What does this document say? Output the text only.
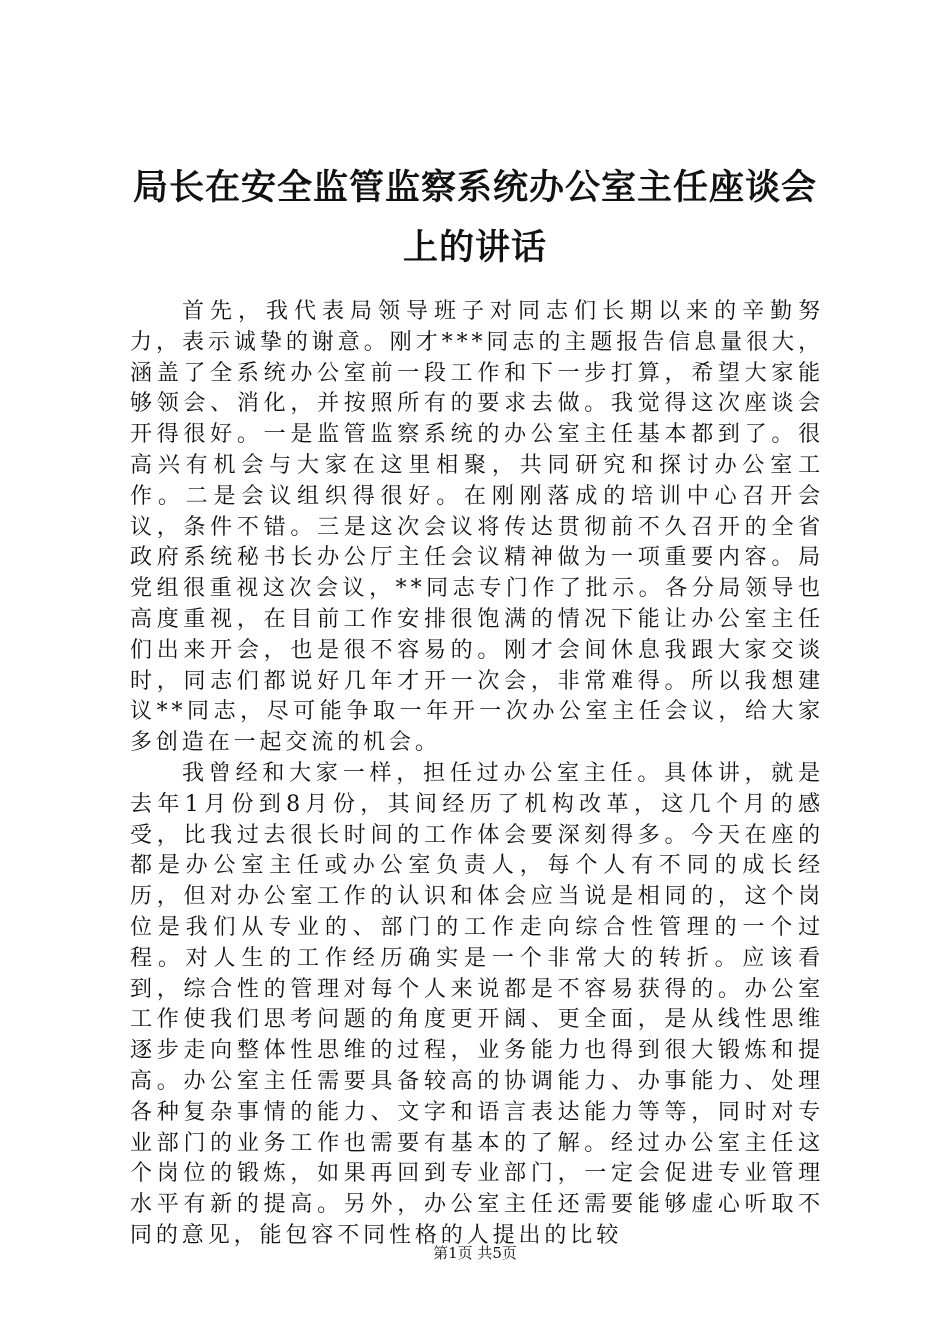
局长在安全监管监察系统办公室主任座谈会上的讲话

首先，我代表局领导班子对同志们长期以来的辛勤努力，表示诚挚的谢意。刚才***同志的主题报告信息量很大，涵盖了全系统办公室前一段工作和下一步打算，希望大家能够领会、消化，并按照所有的要求去做。我觉得这次座谈会开得很好。一是监管监察系统的办公室主任基本都到了。很高兴有机会与大家在这里相聚，共同研究和探讨办公室工作。二是会议组织得很好。在刚刚落成的培训中心召开会议，条件不错。三是这次会议将传达贯彻前不久召开的全省政府系统秘书长办公厅主任会议精神做为一项重要内容。局党组很重视这次会议，**同志专门作了批示。各分局领导也高度重视，在目前工作安排很饱满的情况下能让办公室主任们出来开会，也是很不容易的。刚才会间休息我跟大家交谈时，同志们都说好几年才开一次会，非常难得。所以我想建议**同志，尽可能争取一年开一次办公室主任会议，给大家多创造在一起交流的机会。

我曾经和大家一样，担任过办公室主任。具体讲，就是去年1月份到8月份，其间经历了机构改革，这几个月的感受，比我过去很长时间的工作体会要深刻得多。今天在座的都是办公室主任或办公室负责人，每个人有不同的成长经历，但对办公室工作的认识和体会应当说是相同的，这个岗位是我们从专业的、部门的工作走向综合性管理的一个过程。对人生的工作经历确实是一个非常大的转折。应该看到，综合性的管理对每个人来说都是不容易获得的。办公室工作使我们思考问题的角度更开阔、更全面，是从线性思维逐步走向整体性思维的过程，业务能力也得到很大锻炼和提高。办公室主任需要具备较高的协调能力、办事能力、处理各种复杂事情的能力、文字和语言表达能力等等，同时对专业部门的业务工作也需要有基本的了解。经过办公室主任这个岗位的锻炼，如果再回到专业部门，一定会促进专业管理水平有新的提高。另外，办公室主任还需要能够虚心听取不同的意见，能包容不同性格的人提出的比较

第1页 共5页
